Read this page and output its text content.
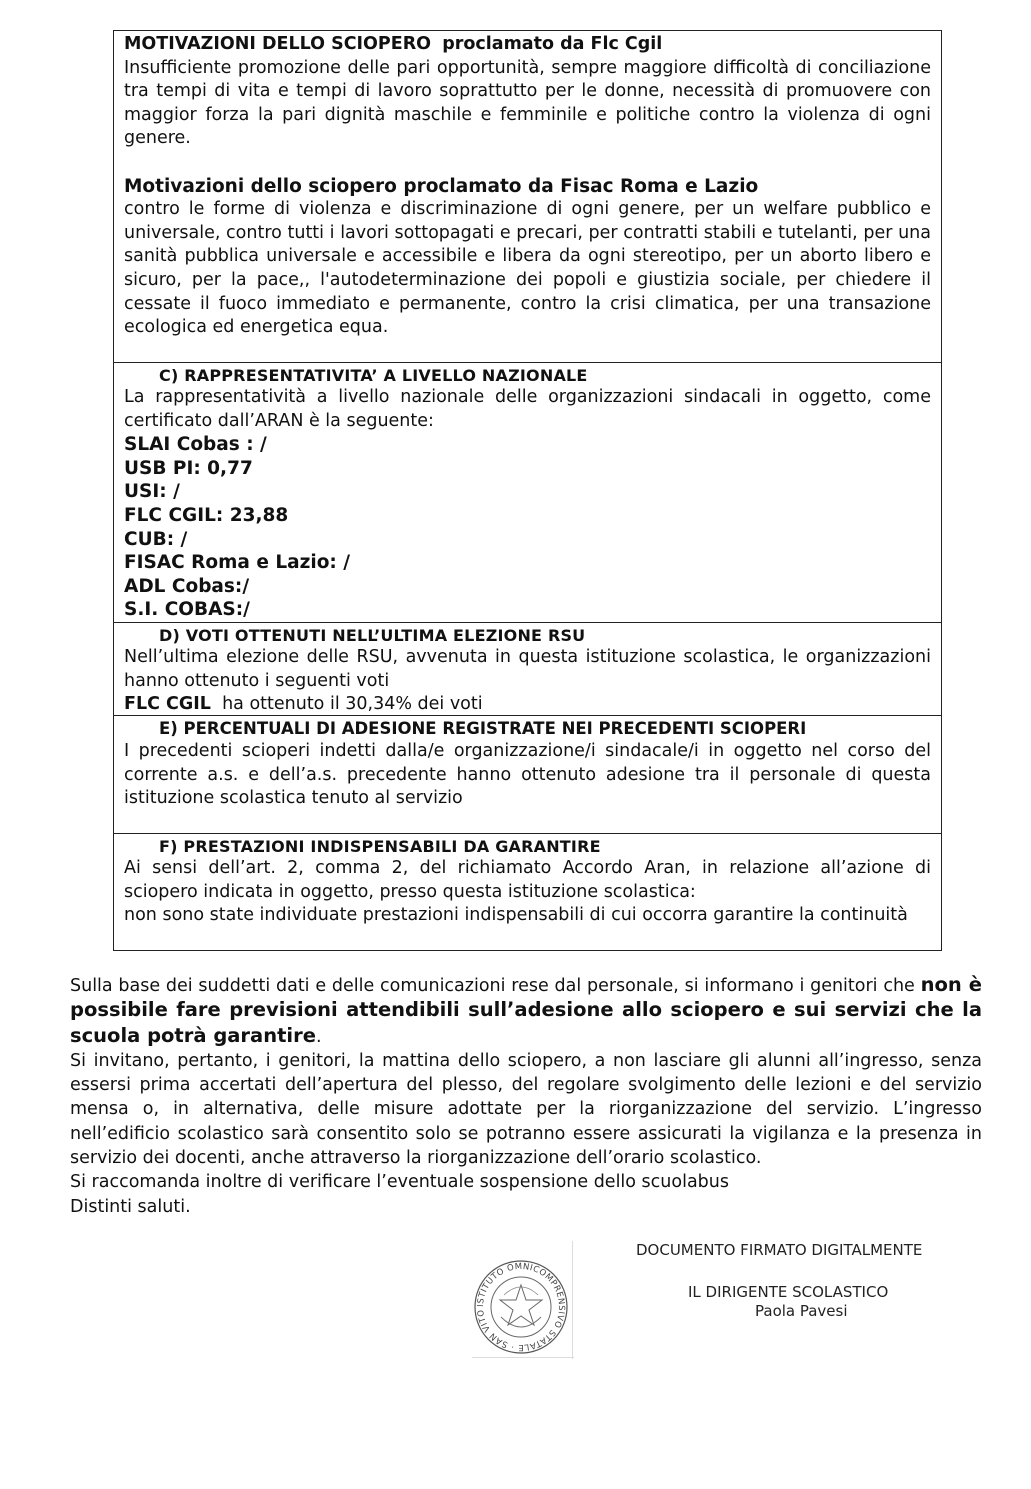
MOTIVAZIONI DELLO SCIOPERO proclamato da Flc Cgil

Insufficiente promozione delle pari opportunità, sempre maggiore difficoltà di conciliazione tra tempi di vita e tempi di lavoro soprattutto per le donne, necessità di promuovere con maggior forza la pari dignità maschile e femminile e politiche contro la violenza di ogni genere.

Motivazioni dello sciopero proclamato da Fisac Roma e Lazio

contro le forme di violenza e discriminazione di ogni genere, per un welfare pubblico e universale, contro tutti i lavori sottopagati e precari, per contratti stabili e tutelanti, per una sanità pubblica universale e accessibile e libera da ogni stereotipo, per un aborto libero e sicuro, per la pace,, l'autodeterminazione dei popoli e giustizia sociale, per chiedere il cessate il fuoco immediato e permanente, contro la crisi climatica, per una transazione ecologica ed energetica equa.

C) RAPPRESENTATIVITA’ A LIVELLO NAZIONALE

La rappresentatività a livello nazionale delle organizzazioni sindacali in oggetto, come certificato dall’ARAN è la seguente:

SLAI Cobas : /

USB PI: 0,77

USI: /

FLC CGIL: 23,88

CUB: /

FISAC Roma e Lazio: /

ADL Cobas:/

S.I. COBAS:/

D) VOTI OTTENUTI NELL’ULTIMA ELEZIONE RSU

Nell’ultima elezione delle RSU, avvenuta in questa istituzione scolastica, le organizzazioni hanno ottenuto i seguenti voti

FLC CGIL ha ottenuto il 30,34% dei voti

E) PERCENTUALI DI ADESIONE REGISTRATE NEI PRECEDENTI SCIOPERI

I precedenti scioperi indetti dalla/e organizzazione/i sindacale/i in oggetto nel corso del corrente a.s. e dell’a.s. precedente hanno ottenuto adesione tra il personale di questa istituzione scolastica tenuto al servizio

F) PRESTAZIONI INDISPENSABILI DA GARANTIRE

Ai sensi dell’art. 2, comma 2, del richiamato Accordo Aran, in relazione all’azione di sciopero indicata in oggetto, presso questa istituzione scolastica:

non sono state individuate prestazioni indispensabili di cui occorra garantire la continuità

Sulla base dei suddetti dati e delle comunicazioni rese dal personale, si informano i genitori che non è possibile fare previsioni attendibili sull’adesione allo sciopero e sui servizi che la scuola potrà garantire.

Si invitano, pertanto, i genitori, la mattina dello sciopero, a non lasciare gli alunni all’ingresso, senza essersi prima accertati dell’apertura del plesso, del regolare svolgimento delle lezioni e del servizio mensa o, in alternativa, delle misure adottate per la riorganizzazione del servizio. L’ingresso nell’edificio scolastico sarà consentito solo se potranno essere assicurati la vigilanza e la presenza in servizio dei docenti, anche attraverso la riorganizzazione dell’orario scolastico.

Si raccomanda inoltre di verificare l’eventuale sospensione dello scuolabus

Distinti saluti.

DOCUMENTO FIRMATO DIGITALMENTE
IL DIRIGENTE SCOLASTICO
Paola Pavesi
ISTITUTO OMNICOMPRENSIVO STATALE · SAN VITO
